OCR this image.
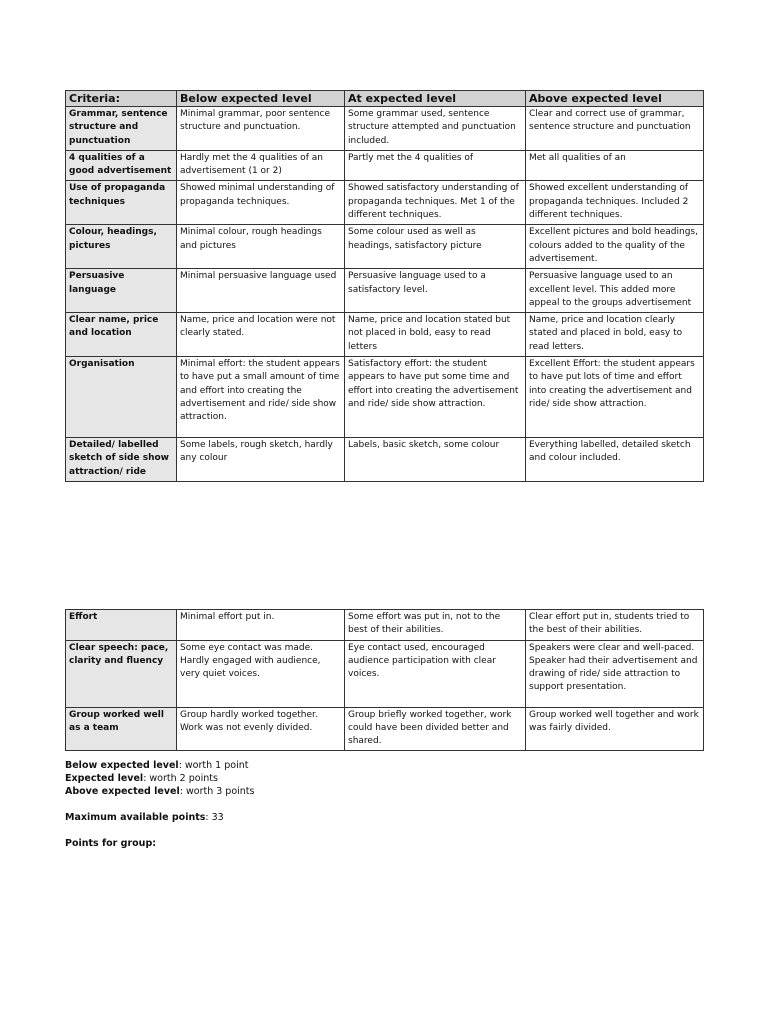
Criteria:	Below expected level	At expected level	Above expected level
Grammar, sentence structure and punctuation	Minimal grammar, poor sentence structure and punctuation.	Some grammar used, sentence structure attempted and punctuation included.	Clear and correct use of grammar, sentence structure and punctuation
4 qualities of a good advertisement	Hardly met the 4 qualities of an advertisement (1 or 2)	Partly met the 4 qualities of	Met all qualities of an
Use of propaganda techniques	Showed minimal understanding of propaganda techniques.	Showed satisfactory understanding of propaganda techniques. Met 1 of the different techniques.	Showed excellent understanding of propaganda techniques. Included 2 different techniques.
Colour, headings, pictures	Minimal colour, rough headings and pictures	Some colour used as well as headings, satisfactory picture	Excellent pictures and bold headings, colours added to the quality of the advertisement.
Persuasive language	Minimal persuasive language used	Persuasive language used to a satisfactory level.	Persuasive language used to an excellent level. This added more appeal to the groups advertisement
Clear name, price and location	Name, price and location were not clearly stated.	Name, price and location stated but not placed in bold, easy to read letters	Name, price and location clearly stated and placed in bold, easy to read letters.
Organisation	Minimal effort: the student appears to have put a small amount of time and effort into creating the advertisement and ride/ side show attraction.	Satisfactory effort: the student appears to have put some time and effort into creating the advertisement and ride/ side show attraction.	Excellent Effort: the student appears to have put lots of time and effort into creating the advertisement and ride/ side show attraction.
Detailed/ labelled sketch of side show attraction/ ride	Some labels, rough sketch, hardly any colour	Labels, basic sketch, some colour	Everything labelled, detailed sketch and colour included.
Effort	Minimal effort put in.	Some effort was put in, not to the best of their abilities.	Clear effort put in, students tried to the best of their abilities.
Clear speech: pace, clarity and fluency	Some eye contact was made. Hardly engaged with audience, very quiet voices.	Eye contact used, encouraged audience participation with clear voices.	Speakers were clear and well-paced. Speaker had their advertisement and drawing of ride/ side attraction to support presentation.
Group worked well as a team	Group hardly worked together. Work was not evenly divided.	Group briefly worked together, work could have been divided better and shared.	Group worked well together and work was fairly divided.
Below expected level: worth 1 point
Expected level: worth 2 points
Above expected level: worth 3 points
Maximum available points: 33
Points for group:
